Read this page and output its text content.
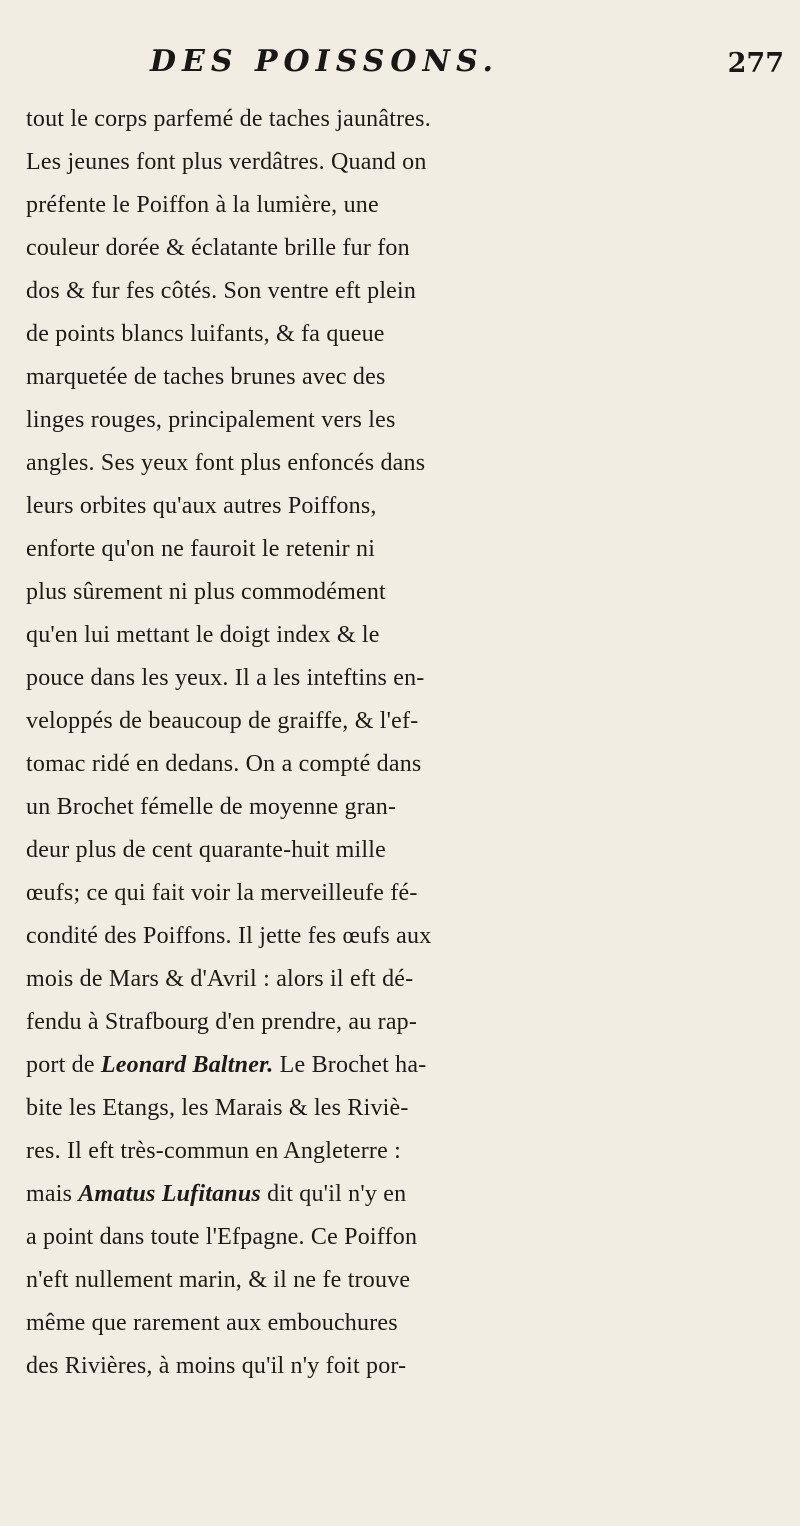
DES POISSONS.	277
tout le corps parfemé de taches jaunâtres.
Les jeunes font plus verdâtres. Quand on
préfente le Poiffon à la lumière, une
couleur dorée & éclatante brille fur fon
dos & fur fes côtés. Son ventre eft plein
de points blancs luifants, & fa queue
marquetée de taches brunes avec des
linges rouges, principalement vers les
angles. Ses yeux font plus enfoncés dans
leurs orbites qu'aux autres Poiffons,
enforte qu'on ne fauroit le retenir ni
plus sûrement ni plus commodément
qu'en lui mettant le doigt index & le
pouce dans les yeux. Il a les inteftins en-
veloppés de beaucoup de graiffe, & l'ef-
tomac ridé en dedans. On a compté dans
un Brochet fémelle de moyenne gran-
deur plus de cent quarante-huit mille
œufs; ce qui fait voir la merveilleufe fé-
condité des Poiffons. Il jette fes œufs aux
mois de Mars & d'Avril : alors il eft dé-
fendu à Strafbourg d'en prendre, au rap-
port de Leonard Baltner. Le Brochet ha-
bite les Etangs, les Marais & les Riviè-
res. Il eft très-commun en Angleterre :
mais Amatus Lufitanus dit qu'il n'y en
a point dans toute l'Efpagne. Ce Poiffon
n'eft nullement marin, & il ne fe trouve
même que rarement aux embouchures
des Rivières, à moins qu'il n'y foit por-
